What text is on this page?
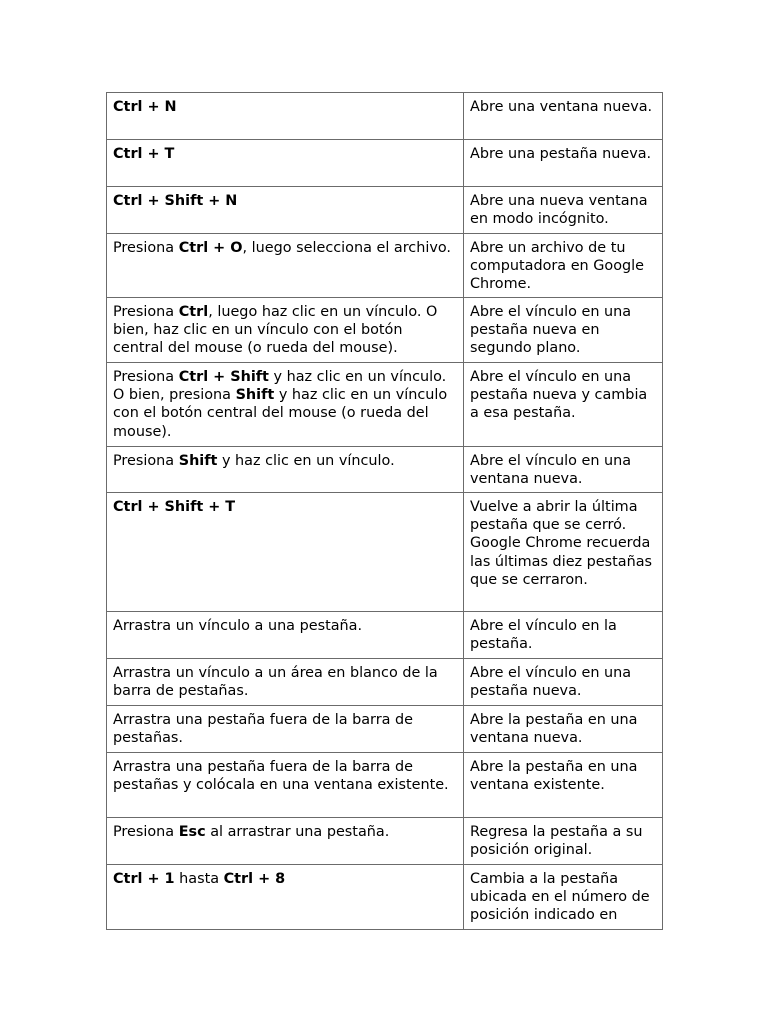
Ctrl + N	Abre una ventana nueva.
Ctrl + T	Abre una pestaña nueva.
Ctrl + Shift + N	Abre una nueva ventana en modo incógnito.
Presiona Ctrl + O, luego selecciona el archivo.	Abre un archivo de tu computadora en Google Chrome.
Presiona Ctrl, luego haz clic en un vínculo. O bien, haz clic en un vínculo con el botón central del mouse (o rueda del mouse).	Abre el vínculo en una pestaña nueva en segundo plano.
Presiona Ctrl + Shift y haz clic en un vínculo. O bien, presiona Shift y haz clic en un vínculo con el botón central del mouse (o rueda del mouse).	Abre el vínculo en una pestaña nueva y cambia a esa pestaña.
Presiona Shift y haz clic en un vínculo.	Abre el vínculo en una ventana nueva.
Ctrl + Shift + T	Vuelve a abrir la última pestaña que se cerró. Google Chrome recuerda las últimas diez pestañas que se cerraron.
Arrastra un vínculo a una pestaña.	Abre el vínculo en la pestaña.
Arrastra un vínculo a un área en blanco de la barra de pestañas.	Abre el vínculo en una pestaña nueva.
Arrastra una pestaña fuera de la barra de pestañas.	Abre la pestaña en una ventana nueva.
Arrastra una pestaña fuera de la barra de pestañas y colócala en una ventana existente.	Abre la pestaña en una ventana existente.
Presiona Esc al arrastrar una pestaña.	Regresa la pestaña a su posición original.
Ctrl + 1 hasta Ctrl + 8	Cambia a la pestaña ubicada en el número de posición indicado en
